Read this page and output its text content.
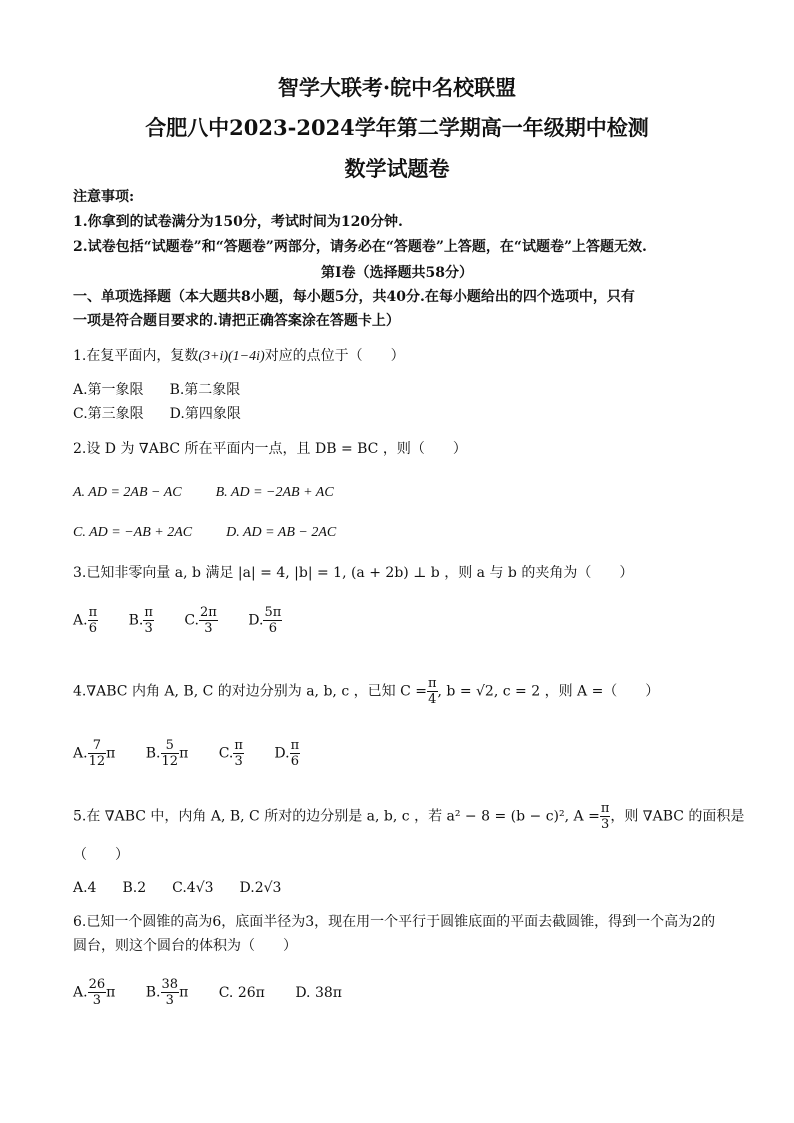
智学大联考·皖中名校联盟
合肥八中2023-2024学年第二学期高一年级期中检测
数学试题卷
注意事项:
1.你拿到的试卷满分为150分，考试时间为120分钟.
2.试卷包括“试题卷”和“答题卷”两部分，请务必在“答题卷”上答题，在“试题卷”上答题无效.
第I卷（选择题共58分）
一、单项选择题（本大题共8小题，每小题5分，共40分.在每小题给出的四个选项中，只有
一项是符合题目要求的.请把正确答案涂在答题卡上）
1.在复平面内，复数(3+i)(1−4i)对应的点位于（　　）
A.第一象限 B.第二象限
C.第三象限 D.第四象限
2.设 D 为 ∇ABC 所在平面内一点，且 DB = BC ，则（　　）
A. AD = 2AB − AC B. AD = −2AB + AC
C. AD = −AB + 2AC D. AD = AB − 2AC
3.已知非零向量 a, b 满足 |a| = 4, |b| = 1, (a + 2b) ⊥ b ，则 a 与 b 的夹角为（　　）
A. $\frac{\pi}{6} B$. $\frac{\pi}{3} C$. $\frac{2\pi}{3} D$. $\frac{5\pi}{6}$
4.∇ABC 内角 A, B, C 的对边分别为 a, b, c ，已知 $C = \frac{\pi}{4}$ , b = √2, c = 2 ，则 A =（　　）
A. $\frac{7}{12}$ π B. $\frac{5}{12}$ π C. $\frac{\pi}{3} D$. $\frac{\pi}{6}$
5.在 ∇ABC 中，内角 A, B, C 所对的边分别是 a, b, c ，若 a² − 8 = (b − c)², $A = \frac{\pi}{3}$ ，则 ∇ABC 的面积是
（　　）
A.4 B.2 C.4√3 D.2√3
6.已知一个圆锥的高为6，底面半径为3，现在用一个平行于圆锥底面的平面去截圆锥，得到一个高为2的
圆台，则这个圆台的体积为（　　）
A. $\frac{26}{3}$ π B. $\frac{38}{3}$ π C. 26π D. 38π
